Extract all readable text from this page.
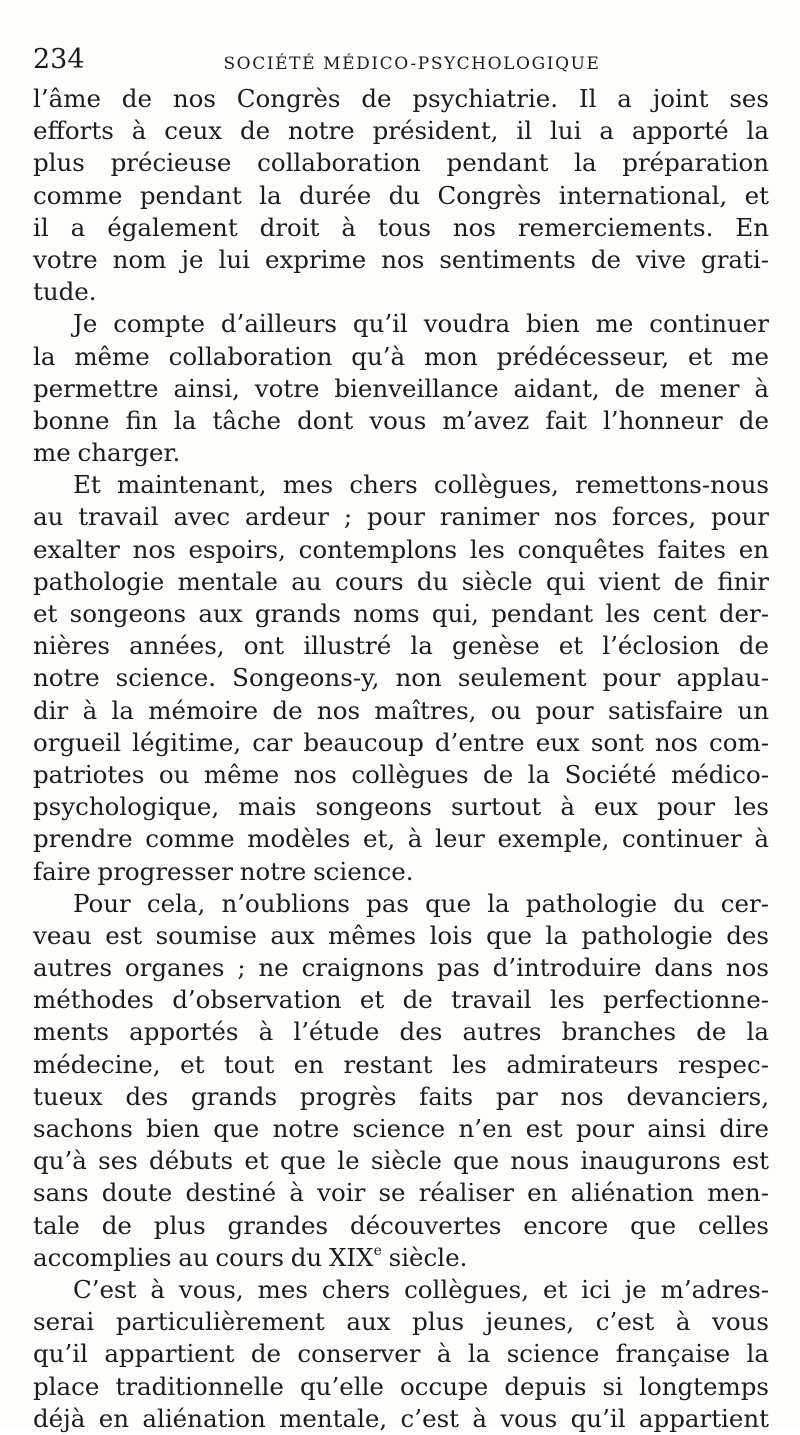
234	SOCIÉTÉ MÉDICO-PSYCHOLOGIQUE
l’âme de nos Congrès de psychiatrie. Il a joint ses
efforts à ceux de notre président, il lui a apporté la
plus précieuse collaboration pendant la préparation
comme pendant la durée du Congrès international, et
il a également droit à tous nos remerciements. En
votre nom je lui exprime nos sentiments de vive grati-
tude.
Je compte d’ailleurs qu’il voudra bien me continuer
la même collaboration qu’à mon prédécesseur, et me
permettre ainsi, votre bienveillance aidant, de mener à
bonne fin la tâche dont vous m’avez fait l’honneur de
me charger.
Et maintenant, mes chers collègues, remettons-nous
au travail avec ardeur ; pour ranimer nos forces, pour
exalter nos espoirs, contemplons les conquêtes faites en
pathologie mentale au cours du siècle qui vient de finir
et songeons aux grands noms qui, pendant les cent der-
nières années, ont illustré la genèse et l’éclosion de
notre science. Songeons-y, non seulement pour applau-
dir à la mémoire de nos maîtres, ou pour satisfaire un
orgueil légitime, car beaucoup d’entre eux sont nos com-
patriotes ou même nos collègues de la Société médico-
psychologique, mais songeons surtout à eux pour les
prendre comme modèles et, à leur exemple, continuer à
faire progresser notre science.
Pour cela, n’oublions pas que la pathologie du cer-
veau est soumise aux mêmes lois que la pathologie des
autres organes ; ne craignons pas d’introduire dans nos
méthodes d’observation et de travail les perfectionne-
ments apportés à l’étude des autres branches de la
médecine, et tout en restant les admirateurs respec-
tueux des grands progrès faits par nos devanciers,
sachons bien que notre science n’en est pour ainsi dire
qu’à ses débuts et que le siècle que nous inaugurons est
sans doute destiné à voir se réaliser en aliénation men-
tale de plus grandes découvertes encore que celles
accomplies au cours du XIXe siècle.
C’est à vous, mes chers collègues, et ici je m’adres-
serai particulièrement aux plus jeunes, c’est à vous
qu’il appartient de conserver à la science française la
place traditionnelle qu’elle occupe depuis si longtemps
déjà en aliénation mentale, c’est à vous qu’il appartient
